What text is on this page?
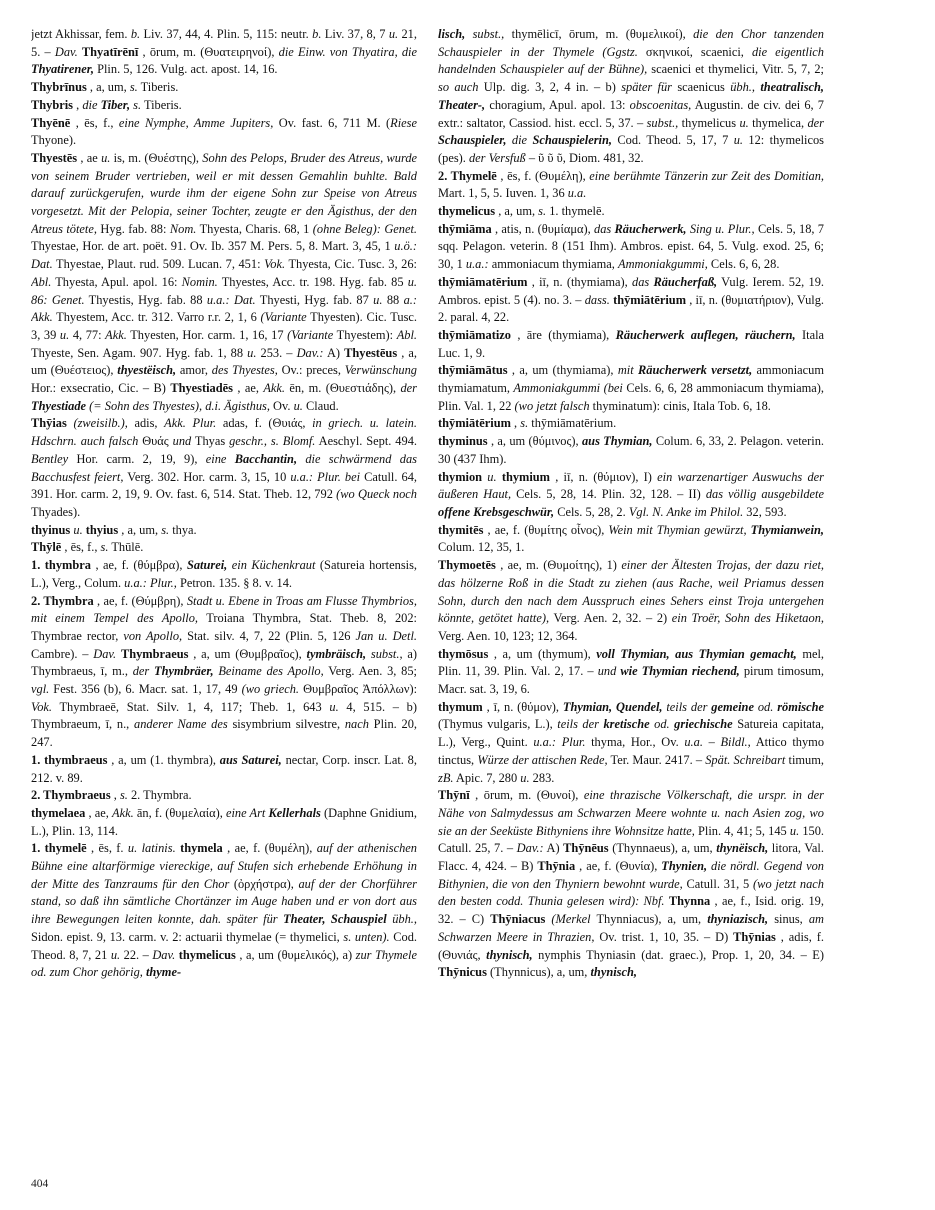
jetzt Akhissar, fem. b. Liv. 37, 44, 4. Plin. 5, 115: neutr. b. Liv. 37, 8, 7 u. 21, 5. – Dav. Thyatīrēnī , ōrum, m. (Θυατειρηνοί), die Einw. von Thyatira, die Thyatirener, Plin. 5, 126. Vulg. act. apost. 14, 16.

Thybrīnus , a, um, s. Tiberis.

Thybris , die Tiber, s. Tiberis.

Thyēnē , ēs, f., eine Nymphe, Amme Jupiters, Ov. fast. 6, 711 M. (Riese Thyone).

Thyestēs , ae u. is, m. (Θυέστης), Sohn des Pelops, Bruder des Atreus, wurde von seinem Bruder vertrieben, weil er mit dessen Gemahlin buhlte. Bald darauf zurückgerufen, wurde ihm der eigene Sohn zur Speise von Atreus vorgesetzt. Mit der Pelopia, seiner Tochter, zeugte er den Ägisthus, der den Atreus tötete, Hyg. fab. 88: Nom. Thyesta, Charis. 68, 1 (ohne Beleg): Genet. Thyestae, Hor. de art. poët. 91. Ov. Ib. 357 M. Pers. 5, 8. Mart. 3, 45, 1 u.ö.: Dat. Thyestae, Plaut. rud. 509. Lucan. 7, 451: Vok. Thyesta, Cic. Tusc. 3, 26: Abl. Thyesta, Apul. apol. 16: Nomin. Thyestes, Acc. tr. 198. Hyg. fab. 85 u. 86: Genet. Thyestis, Hyg. fab. 88 u.a.: Dat. Thyesti, Hyg. fab. 87 u. 88 a.: Akk. Thyestem, Acc. tr. 312. Varro r.r. 2, 1, 6 (Variante Thyesten). Cic. Tusc. 3, 39 u. 4, 77: Akk. Thyesten, Hor. carm. 1, 16, 17 (Variante Thyestem): Abl. Thyeste, Sen. Agam. 907. Hyg. fab. 1, 88 u. 253. – Dav.: A) Thyestēus , a, um (Θυέστειος), thyestëisch, amor, des Thyestes, Ov.: preces, Verwünschung Hor.: exsecratio, Cic. – B) Thyestiadēs , ae, Akk. ēn, m. (Θυεστιάδης), der Thyestiade (= Sohn des Thyestes), d.i. Ägisthus, Ov. u. Claud.

Thȳias (zweisilb.), adis, Akk. Plur. adas, f. (Θυιάς, in griech. u. latein. Hdschrn. auch falsch Θυάς und Thyas geschr., s. Blomf. Aeschyl. Sept. 494. Bentley Hor. carm. 2, 19, 9), eine Bacchantin, die schwärmend das Bacchusfest feiert, Verg. 302. Hor. carm. 3, 15, 10 u.a.: Plur. bei Catull. 64, 391. Hor. carm. 2, 19, 9. Ov. fast. 6, 514. Stat. Theb. 12, 792 (wo Queck noch Thyades).

thyinus u. thyius , a, um, s. thya.

Thȳlē , ēs, f., s. Thūlē.

1. thymbra , ae, f. (θύμβρα), Saturei, ein Küchenkraut (Satureia hortensis, L.), Verg., Colum. u.a.: Plur., Petron. 135. § 8. v. 14.

2. Thymbra , ae, f. (Θύμβρη), Stadt u. Ebene in Troas am Flusse Thymbrios, mit einem Tempel des Apollo, Troiana Thymbra, Stat. Theb. 8, 202: Thymbrae rector, von Apollo, Stat. silv. 4, 7, 22 (Plin. 5, 126 Jan u. Detl. Cambre). – Dav. Thymbraeus , a, um (Θυμβραῖος), tymbräisch, subst., a) Thymbraeus, ī, m., der Thymbräer, Beiname des Apollo, Verg. Aen. 3, 85; vgl. Fest. 356 (b), 6. Macr. sat. 1, 17, 49 (wo griech. Θυμβραῖος Ἀπόλλων): Vok. Thymbraeē, Stat. Silv. 1, 4, 117; Theb. 1, 643 u. 4, 515. – b) Thymbraeum, ī, n., anderer Name des sisymbrium silvestre, nach Plin. 20, 247.

1. thymbraeus , a, um (1. thymbra), aus Saturei, nectar, Corp. inscr. Lat. 8, 212. v. 89.

2. Thymbraeus , s. 2. Thymbra.

thymelaea , ae, Akk. ān, f. (θυμελαία), eine Art Kellerhals (Daphne Gnidium, L.), Plin. 13, 114.

1. thymelē , ēs, f. u. latinis. thymela , ae, f. (θυμέλη), auf der athenischen Bühne eine altarförmige viereckige, auf Stufen sich erhebende Erhöhung in der Mitte des Tanzraums für den Chor (ὀρχήστρα), auf der der Chorführer stand, so daß ihn sämtliche Chortänzer im Auge haben und er von dort aus ihre Bewegungen leiten konnte, dah. später für Theater, Schauspiel übh., Sidon. epist. 9, 13. carm. v. 2: actuarii thymelae (= thymelici, s. unten). Cod. Theod. 8, 7, 21 u. 22. – Dav. thymelicus , a, um (θυμελικός), a) zur Thymele od. zum Chor gehörig, thyme-

lisch, subst., thymēlicī, ōrum, m. (θυμελικοί), die den Chor tanzenden Schauspieler in der Thymele (Ggstz. σκηνικοί, scaenici, die eigentlich handelnden Schauspieler auf der Bühne), scaenici et thymelici, Vitr. 5, 7, 2; so auch Ulp. dig. 3, 2, 4 in. – b) später für scaenicus übh., theatralisch, Theater-, choragium, Apul. apol. 13: obscoenitas, Augustin. de civ. dei 6, 7 extr.: saltator, Cassiod. hist. eccl. 5, 37. – subst., thymelicus u. thymelica, der Schauspieler, die Schauspielerin, Cod. Theod. 5, 17, 7 u. 12: thymelicos (pes). der Versfuß – ῦ ῦ ῦ, Diom. 481, 32.

2. Thymelē , ēs, f. (Θυμέλη), eine berühmte Tänzerin zur Zeit des Domitian, Mart. 1, 5, 5. Iuven. 1, 36 u.a.

thymelicus , a, um, s. 1. thymelē.

thȳmiāma , atis, n. (θυμίαμα), das Räucherwerk, Sing u. Plur., Cels. 5, 18, 7 sqq. Pelagon. veterin. 8 (151 Ihm). Ambros. epist. 64, 5. Vulg. exod. 25, 6; 30, 1 u.a.: ammoniacum thymiama, Ammoniakgummi, Cels. 6, 6, 28.

thȳmiāmatērium , iī, n. (thymiama), das Räucherfaß, Vulg. Ierem. 52, 19. Ambros. epist. 5 (4). no. 3. – dass. thȳmiātērium , iī, n. (θυμιατήριον), Vulg. 2. paral. 4, 22.

thȳmiāmatizo , āre (thymiama), Räucherwerk auflegen, räuchern, Itala Luc. 1, 9.

thȳmiāmātus , a, um (thymiama), mit Räucherwerk versetzt, ammoniacum thymiamatum, Ammoniakgummi (bei Cels. 6, 6, 28 ammoniacum thymiama), Plin. Val. 1, 22 (wo jetzt falsch thyminatum): cinis, Itala Tob. 6, 18.

thȳmiātērium , s. thȳmiāmatērium.

thyminus , a, um (θύμινος), aus Thymian, Colum. 6, 33, 2. Pelagon. veterin. 30 (437 Ihm).

thymion u. thymium , iī, n. (θύμιον), I) ein warzenartiger Auswuchs der äußeren Haut, Cels. 5, 28, 14. Plin. 32, 128. – II) das völlig ausgebildete offene Krebsgeschwür, Cels. 5, 28, 2. Vgl. N. Anke im Philol. 32, 593.

thymitēs , ae, f. (θυμίτης οἶνος), Wein mit Thymian gewürzt, Thymianwein, Colum. 12, 35, 1.

Thymoetēs , ae, m. (Θυμοίτης), 1) einer der Ältesten Trojas, der dazu riet, das hölzerne Roß in die Stadt zu ziehen (aus Rache, weil Priamus dessen Sohn, durch den nach dem Ausspruch eines Sehers einst Troja untergehen könnte, getötet hatte), Verg. Aen. 2, 32. – 2) ein Troër, Sohn des Hiketaon, Verg. Aen. 10, 123; 12, 364.

thymōsus , a, um (thymum), voll Thymian, aus Thymian gemacht, mel, Plin. 11, 39. Plin. Val. 2, 17. – und wie Thymian riechend, pirum timosum, Macr. sat. 3, 19, 6.

thymum , ī, n. (θύμον), Thymian, Quendel, teils der gemeine od. römische (Thymus vulgaris, L.), teils der kretische od. griechische Satureia capitata, L.), Verg., Quint. u.a.: Plur. thyma, Hor., Ov. u.a. – Bildl., Attico thymo tinctus, Würze der attischen Rede, Ter. Maur. 2417. – Spät. Schreibart timum, zB. Apic. 7, 280 u. 283.

Thȳnī , ōrum, m. (Θυνοί), eine thrazische Völkerschaft, die urspr. in der Nähe von Salmydessus am Schwarzen Meere wohnte u. nach Asien zog, wo sie an der Seeküste Bithyniens ihre Wohnsitze hatte, Plin. 4, 41; 5, 145 u. 150. Catull. 25, 7. – Dav.: A) Thȳnēus (Thynnaeus), a, um, thynëisch, litora, Val. Flacc. 4, 424. – B) Thȳnia , ae, f. (Θυνία), Thynien, die nördl. Gegend von Bithynien, die von den Thyniern bewohnt wurde, Catull. 31, 5 (wo jetzt nach den besten codd. Thunia gelesen wird): Nbf. Thynna , ae, f., Isid. orig. 19, 32. – C) Thȳniacus (Merkel Thynniacus), a, um, thyniazisch, sinus, am Schwarzen Meere in Thrazien, Ov. trist. 1, 10, 35. – D) Thȳnias , adis, f. (Θυνιάς, thynisch, nymphis Thyniasin (dat. graec.), Prop. 1, 20, 34. – E) Thȳnicus (Thynnicus), a, um, thynisch,

404
